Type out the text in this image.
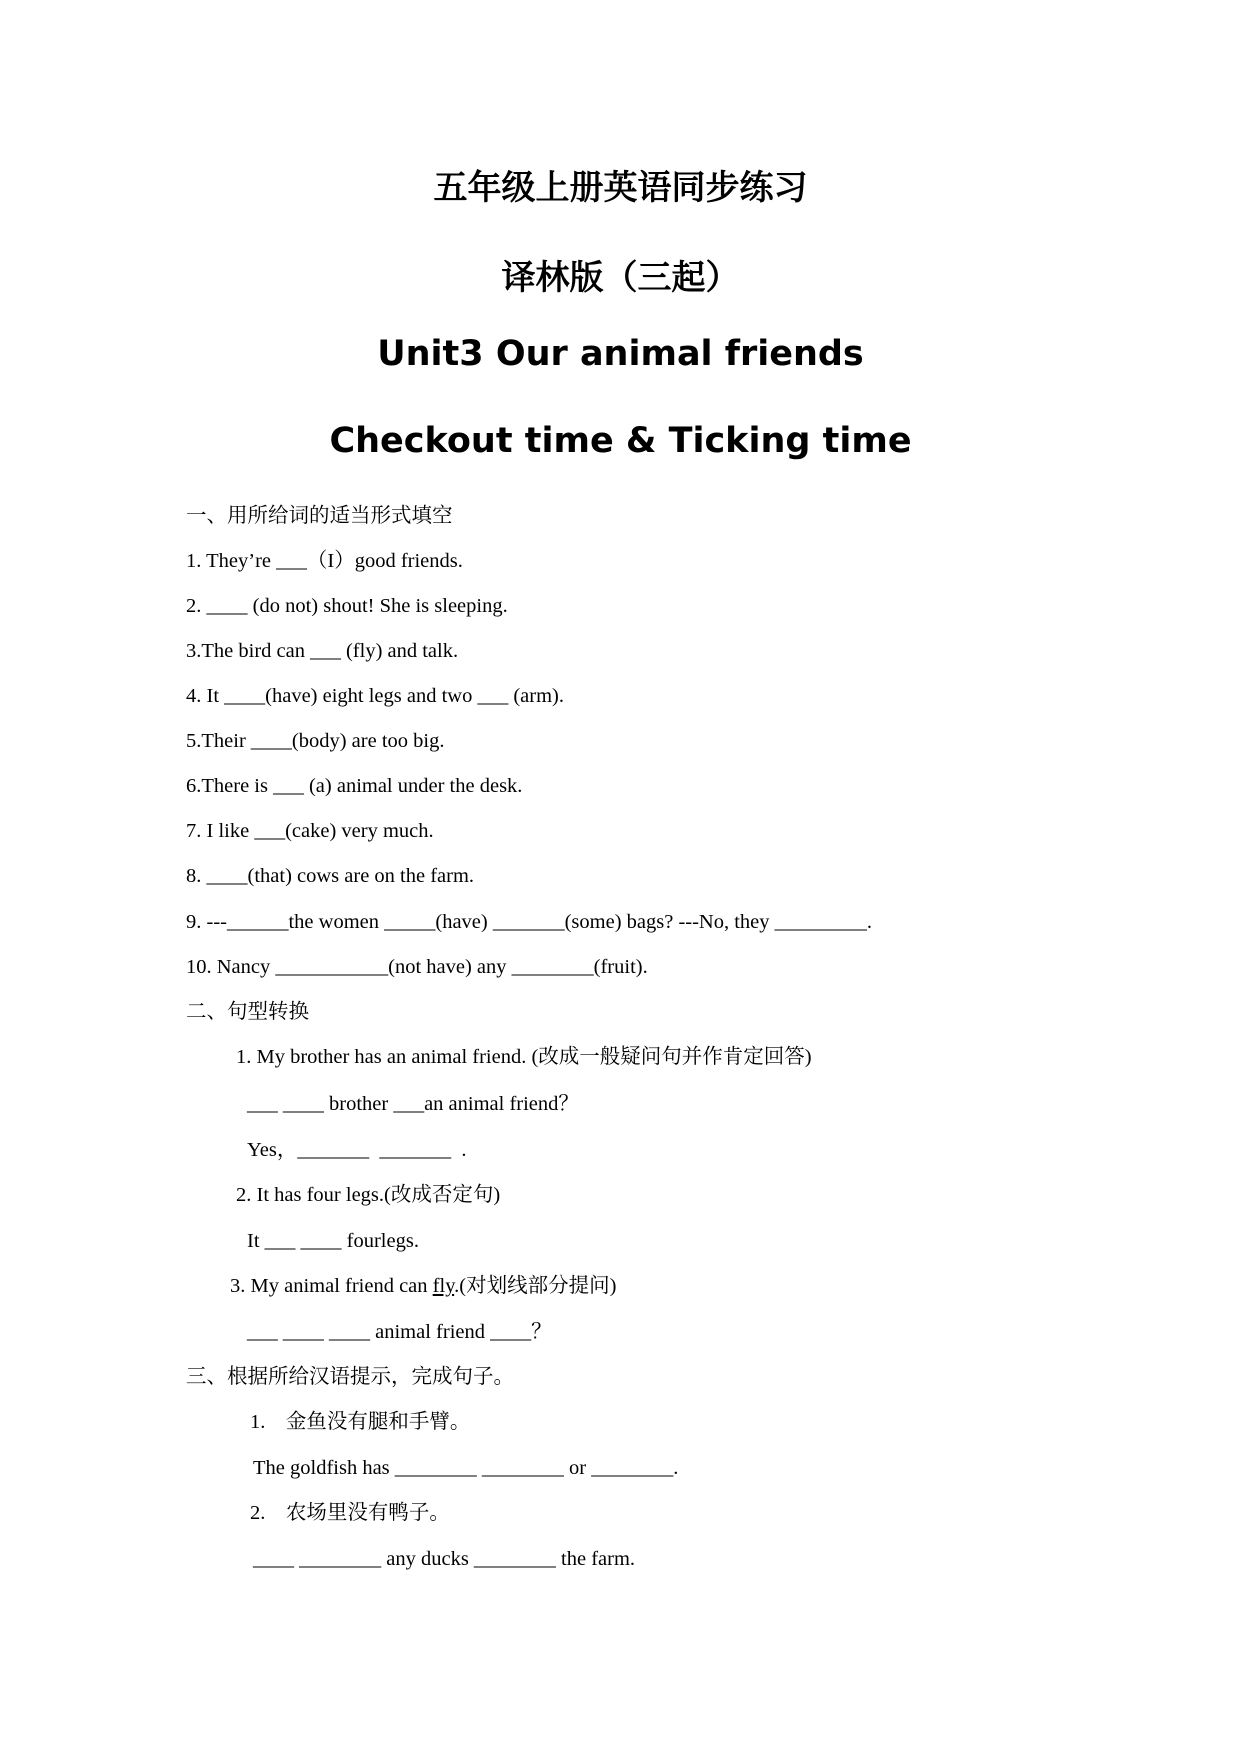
五年级上册英语同步练习
译林版（三起）
Unit3 Our animal friends
Checkout time & Ticking time
一、用所给词的适当形式填空
1. They’re ___（I）good friends.
2. ____ (do not) shout! She is sleeping.
3.The bird can ___ (fly) and talk.
4. It ____(have) eight legs and two ___ (arm).
5.Their ____(body) are too big.
6.There is ___ (a) animal under the desk.
7. I like ___(cake) very much.
8. ____(that) cows are on the farm.
9. ---______the women _____(have) _______(some) bags? ---No, they _________.
10. Nancy ___________(not have) any ________(fruit).
二、句型转换
1. My brother has an animal friend. (改成一般疑问句并作肯定回答)
___ ____ brother ___an animal friend？
Yes，_______  _______  .
2. It has four legs.(改成否定句)
It ___ ____ fourlegs.
3. My animal friend can fly.(对划线部分提问)
___ ____ ____ animal friend ____？
三、根据所给汉语提示，完成句子。
1.    金鱼没有腿和手臂。
The goldfish has ________ ________ or ________.
2.    农场里没有鸭子。
____ ________ any ducks ________ the farm.
